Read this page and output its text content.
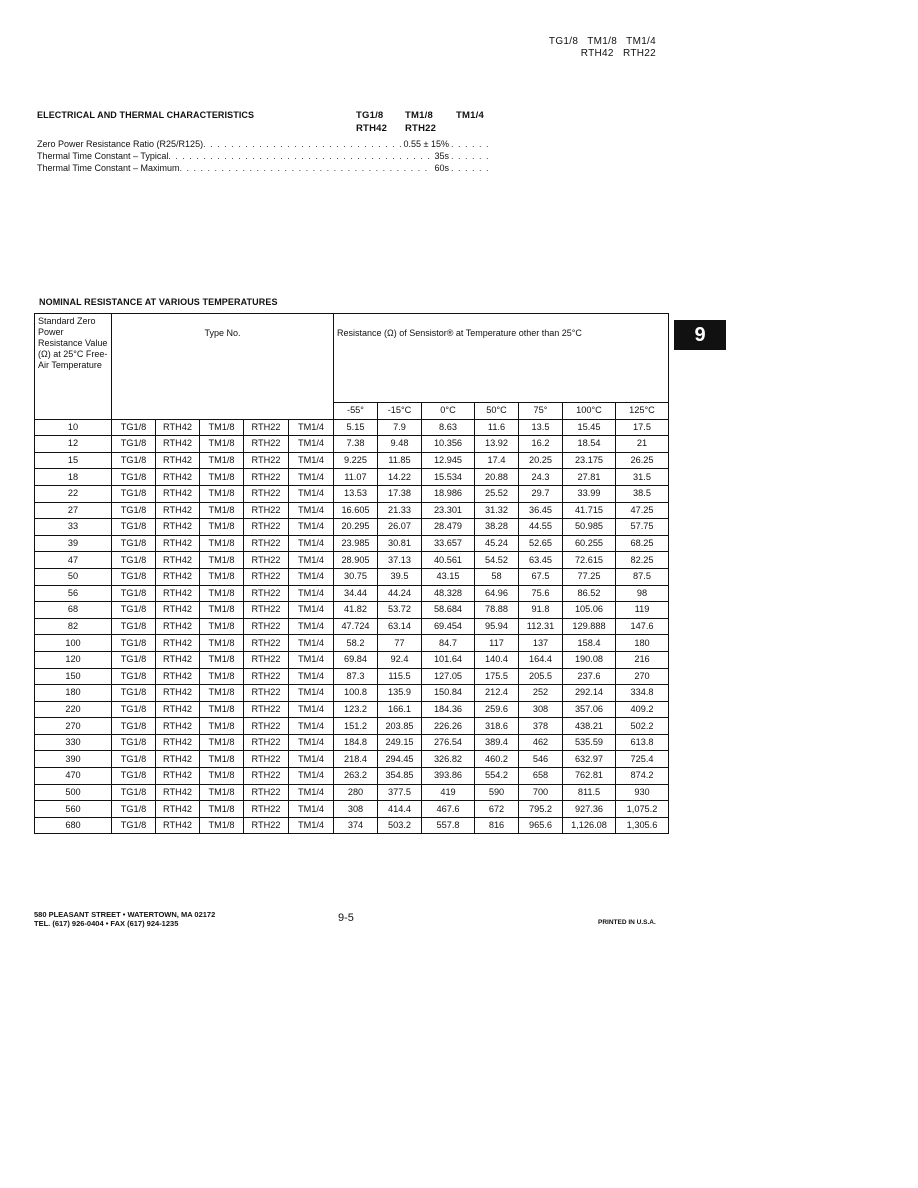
TG1/8   TM1/8   TM1/4
RTH42   RTH22
ELECTRICAL AND THERMAL CHARACTERISTICS	TG1/8 TM1/8 TM1/4
RTH42 RTH22
Zero Power Resistance Ratio (R25/R125) . . .	0.55 ± 15%
. . .
Thermal Time Constant – Typical . . .	35s
. . .
Thermal Time Constant – Maximum . . .	60s
. . .
9
NOMINAL RESISTANCE AT VARIOUS TEMPERATURES
Standard Zero Power Resistance Value (Ω) at 25°C Free-Air Temperature	Type No.					Resistance (Ω) of Sensistor® at Temperature other than 25°C						
						-55°	-15°C	0°C	50°C	75°	100°C	125°C
10	TG1/8	RTH42	TM1/8	RTH22	TM1/4	5.15	7.9	8.63	11.6	13.5	15.45	17.5
12	TG1/8	RTH42	TM1/8	RTH22	TM1/4	7.38	9.48	10.356	13.92	16.2	18.54	21
15	TG1/8	RTH42	TM1/8	RTH22	TM1/4	9.225	11.85	12.945	17.4	20.25	23.175	26.25
18	TG1/8	RTH42	TM1/8	RTH22	TM1/4	11.07	14.22	15.534	20.88	24.3	27.81	31.5
22	TG1/8	RTH42	TM1/8	RTH22	TM1/4	13.53	17.38	18.986	25.52	29.7	33.99	38.5
27	TG1/8	RTH42	TM1/8	RTH22	TM1/4	16.605	21.33	23.301	31.32	36.45	41.715	47.25
33	TG1/8	RTH42	TM1/8	RTH22	TM1/4	20.295	26.07	28.479	38.28	44.55	50.985	57.75
39	TG1/8	RTH42	TM1/8	RTH22	TM1/4	23.985	30.81	33.657	45.24	52.65	60.255	68.25
47	TG1/8	RTH42	TM1/8	RTH22	TM1/4	28.905	37.13	40.561	54.52	63.45	72.615	82.25
50	TG1/8	RTH42	TM1/8	RTH22	TM1/4	30.75	39.5	43.15	58	67.5	77.25	87.5
56	TG1/8	RTH42	TM1/8	RTH22	TM1/4	34.44	44.24	48.328	64.96	75.6	86.52	98
68	TG1/8	RTH42	TM1/8	RTH22	TM1/4	41.82	53.72	58.684	78.88	91.8	105.06	119
82	TG1/8	RTH42	TM1/8	RTH22	TM1/4	47.724	63.14	69.454	95.94	112.31	129.888	147.6
100	TG1/8	RTH42	TM1/8	RTH22	TM1/4	58.2	77	84.7	117	137	158.4	180
120	TG1/8	RTH42	TM1/8	RTH22	TM1/4	69.84	92.4	101.64	140.4	164.4	190.08	216
150	TG1/8	RTH42	TM1/8	RTH22	TM1/4	87.3	115.5	127.05	175.5	205.5	237.6	270
180	TG1/8	RTH42	TM1/8	RTH22	TM1/4	100.8	135.9	150.84	212.4	252	292.14	334.8
220	TG1/8	RTH42	TM1/8	RTH22	TM1/4	123.2	166.1	184.36	259.6	308	357.06	409.2
270	TG1/8	RTH42	TM1/8	RTH22	TM1/4	151.2	203.85	226.26	318.6	378	438.21	502.2
330	TG1/8	RTH42	TM1/8	RTH22	TM1/4	184.8	249.15	276.54	389.4	462	535.59	613.8
390	TG1/8	RTH42	TM1/8	RTH22	TM1/4	218.4	294.45	326.82	460.2	546	632.97	725.4
470	TG1/8	RTH42	TM1/8	RTH22	TM1/4	263.2	354.85	393.86	554.2	658	762.81	874.2
500	TG1/8	RTH42	TM1/8	RTH22	TM1/4	280	377.5	419	590	700	811.5	930
560	TG1/8	RTH42	TM1/8	RTH22	TM1/4	308	414.4	467.6	672	795.2	927.36	1,075.2
680	TG1/8	RTH42	TM1/8	RTH22	TM1/4	374	503.2	557.8	816	965.6	1,126.08	1,305.6
580 PLEASANT STREET • WATERTOWN, MA 02172
TEL. (617) 926-0404 • FAX (617) 924-1235	9-5	PRINTED IN U.S.A.
